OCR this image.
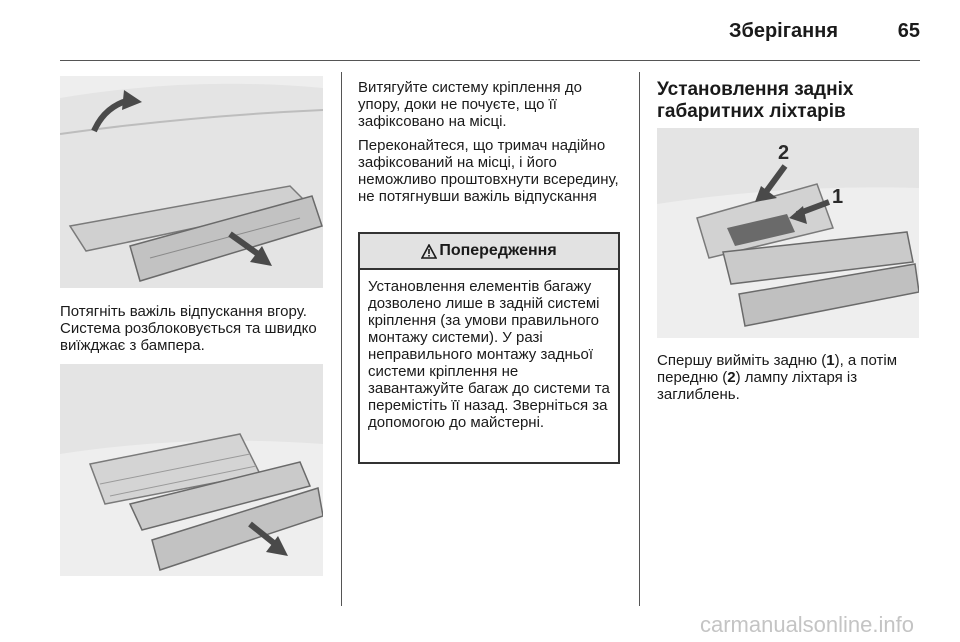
Зберігання	65

Потягніть важіль відпускання вгору. Система розблоковується та швидко виїжджає з бампера.

Витягуйте систему кріплення до упору, доки не почуєте, що її зафіксовано на місці.

Переконайтеся, що тримач надійно зафіксований на місці, і його неможливо проштовхнути всередину, не потягнувши важіль відпускання

Попередження

Установлення елементів багажу дозволено лише в задній системі кріплення (за умови правильного монтажу системи). У разі неправильного монтажу задньої системи кріплення не завантажуйте багаж до системи та перемістіть її назад. Зверніться за допомогою до майстерні.

Установлення задніх габаритних ліхтарів
2
1

Спершу вийміть задню (1), а потім передню (2) лампу ліхтаря із заглиблень.

carmanualsonline.info
